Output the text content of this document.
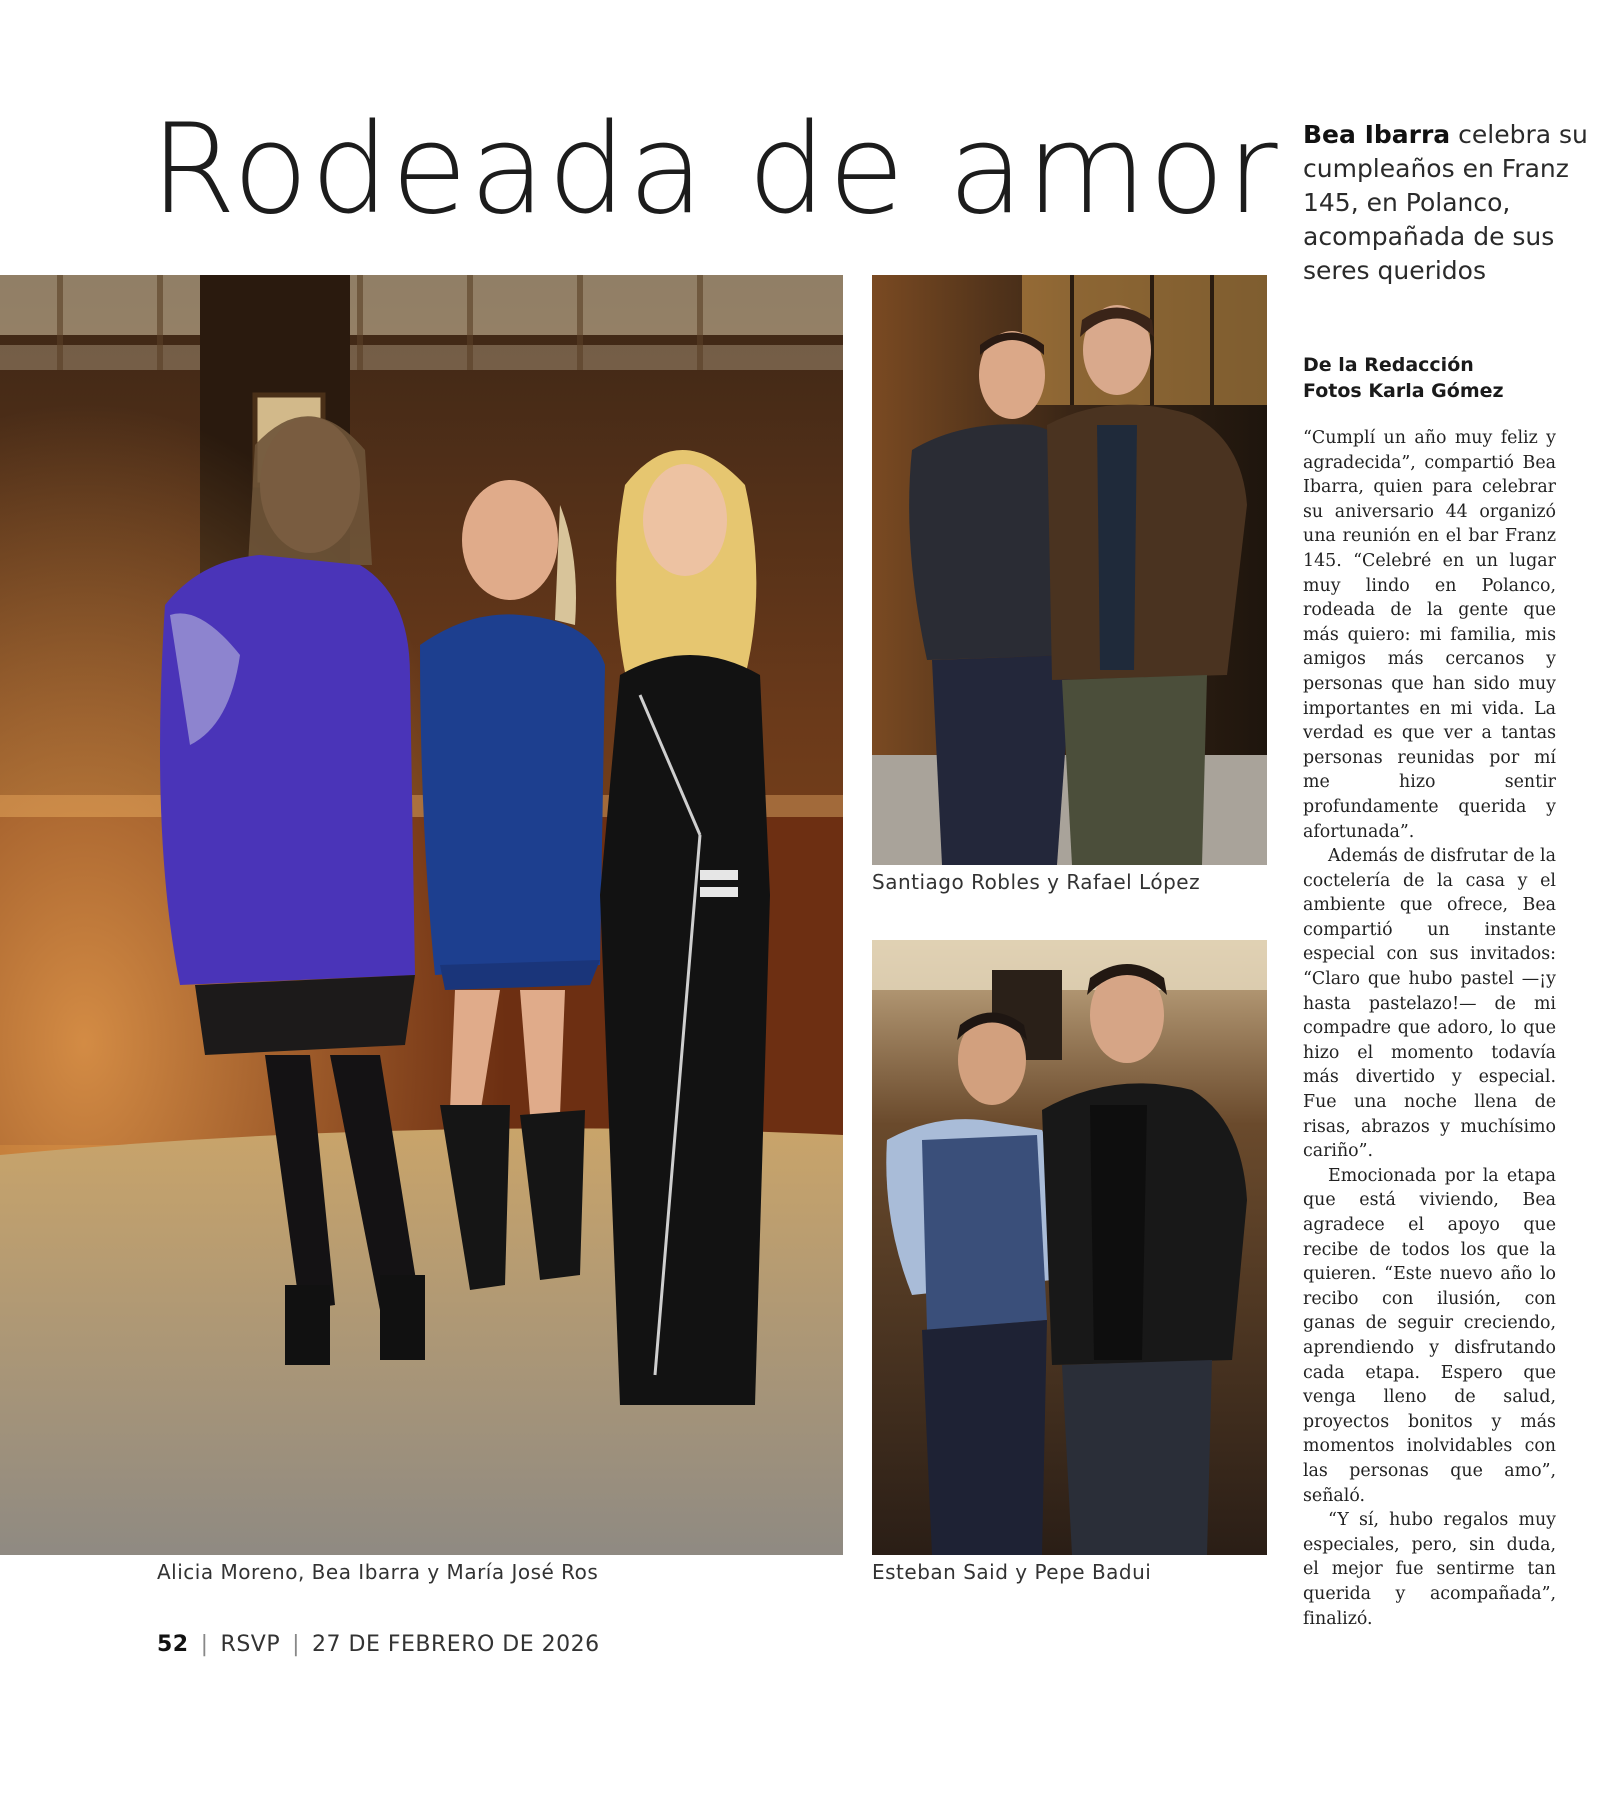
Rodeada de amor
Alicia Moreno, Bea Ibarra y María José Ros
Santiago Robles y Rafael López
Esteban Said y Pepe Badui
Bea Ibarra celebra su cumpleaños en Franz 145, en Polanco, acompañada de sus seres queridos
De la Redacción
Fotos Karla Gómez

“Cumplí un año muy feliz y agradecida”, compartió Bea Ibarra, quien para celebrar su aniversario 44 organizó una reunión en el bar Franz 145. “Celebré en un lugar muy lindo en Polanco, rodeada de la gente que más quiero: mi familia, mis amigos más cercanos y personas que han sido muy importantes en mi vida. La verdad es que ver a tantas personas reunidas por mí me hizo sentir profundamente querida y afortunada”.

Además de disfrutar de la coctelería de la casa y el ambiente que ofrece, Bea compartió un instante especial con sus invitados: “Claro que hubo pastel —¡y hasta pastelazo!— de mi compadre que adoro, lo que hizo el momento todavía más divertido y especial. Fue una noche llena de risas, abrazos y muchísimo cariño”.

Emocionada por la etapa que está viviendo, Bea agradece el apoyo que recibe de todos los que la quieren. “Este nuevo año lo recibo con ilusión, con ganas de seguir creciendo, aprendiendo y disfrutando cada etapa. Espero que venga lleno de salud, proyectos bonitos y más momentos inolvidables con las personas que amo”, señaló.

“Y sí, hubo regalos muy especiales, pero, sin duda, el mejor fue sentirme tan querida y acompañada”, finalizó.

52 | RSVP | 27 DE FEBRERO DE 2026
